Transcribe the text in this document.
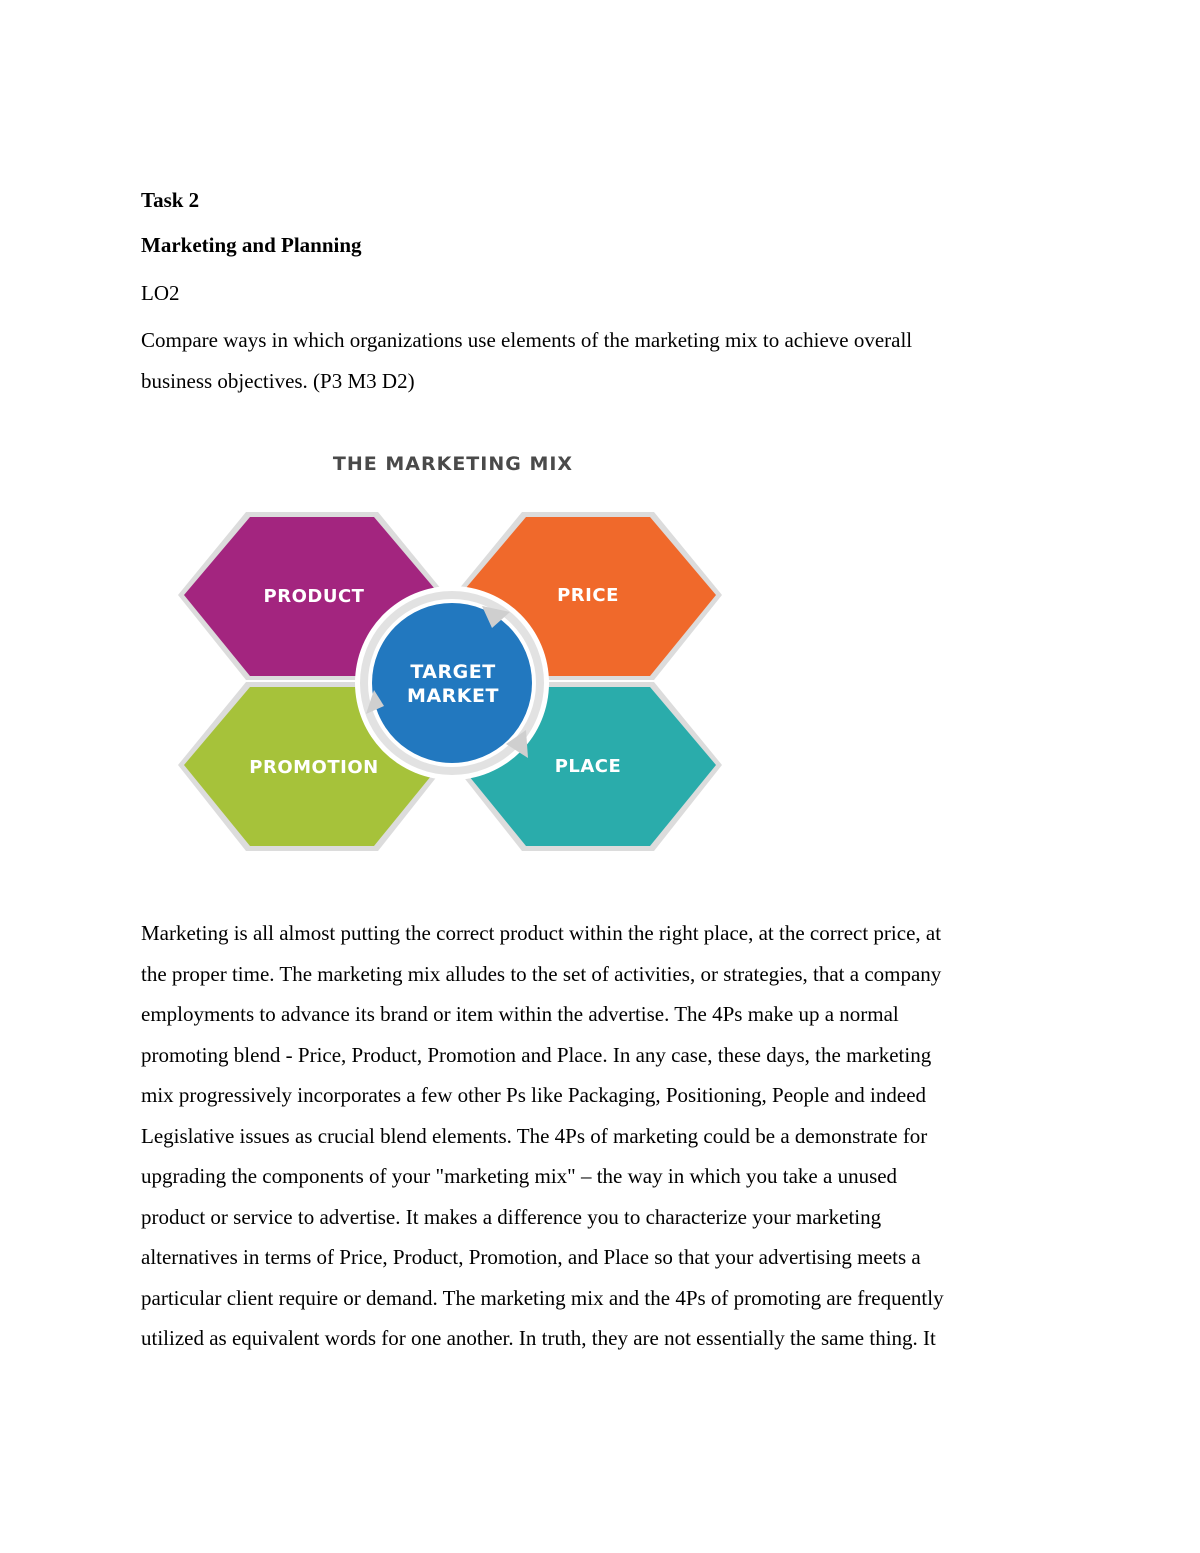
Task 2
Marketing and Planning
LO2
Compare ways in which organizations use elements of the marketing mix to achieve overall
business objectives. (P3 M3 D2)
THE MARKETING MIX
PRODUCT	PRICE
PROMOTION	PLACE
TARGET
MARKET
Marketing is all almost putting the correct product within the right place, at the correct price, at
the proper time. The marketing mix alludes to the set of activities, or strategies, that a company
employments to advance its brand or item within the advertise. The 4Ps make up a normal
promoting blend - Price, Product, Promotion and Place. In any case, these days, the marketing
mix progressively incorporates a few other Ps like Packaging, Positioning, People and indeed
Legislative issues as crucial blend elements. The 4Ps of marketing could be a demonstrate for
upgrading the components of your "marketing mix" – the way in which you take a unused
product or service to advertise. It makes a difference you to characterize your marketing
alternatives in terms of Price, Product, Promotion, and Place so that your advertising meets a
particular client require or demand. The marketing mix and the 4Ps of promoting are frequently
utilized as equivalent words for one another. In truth, they are not essentially the same thing. It
